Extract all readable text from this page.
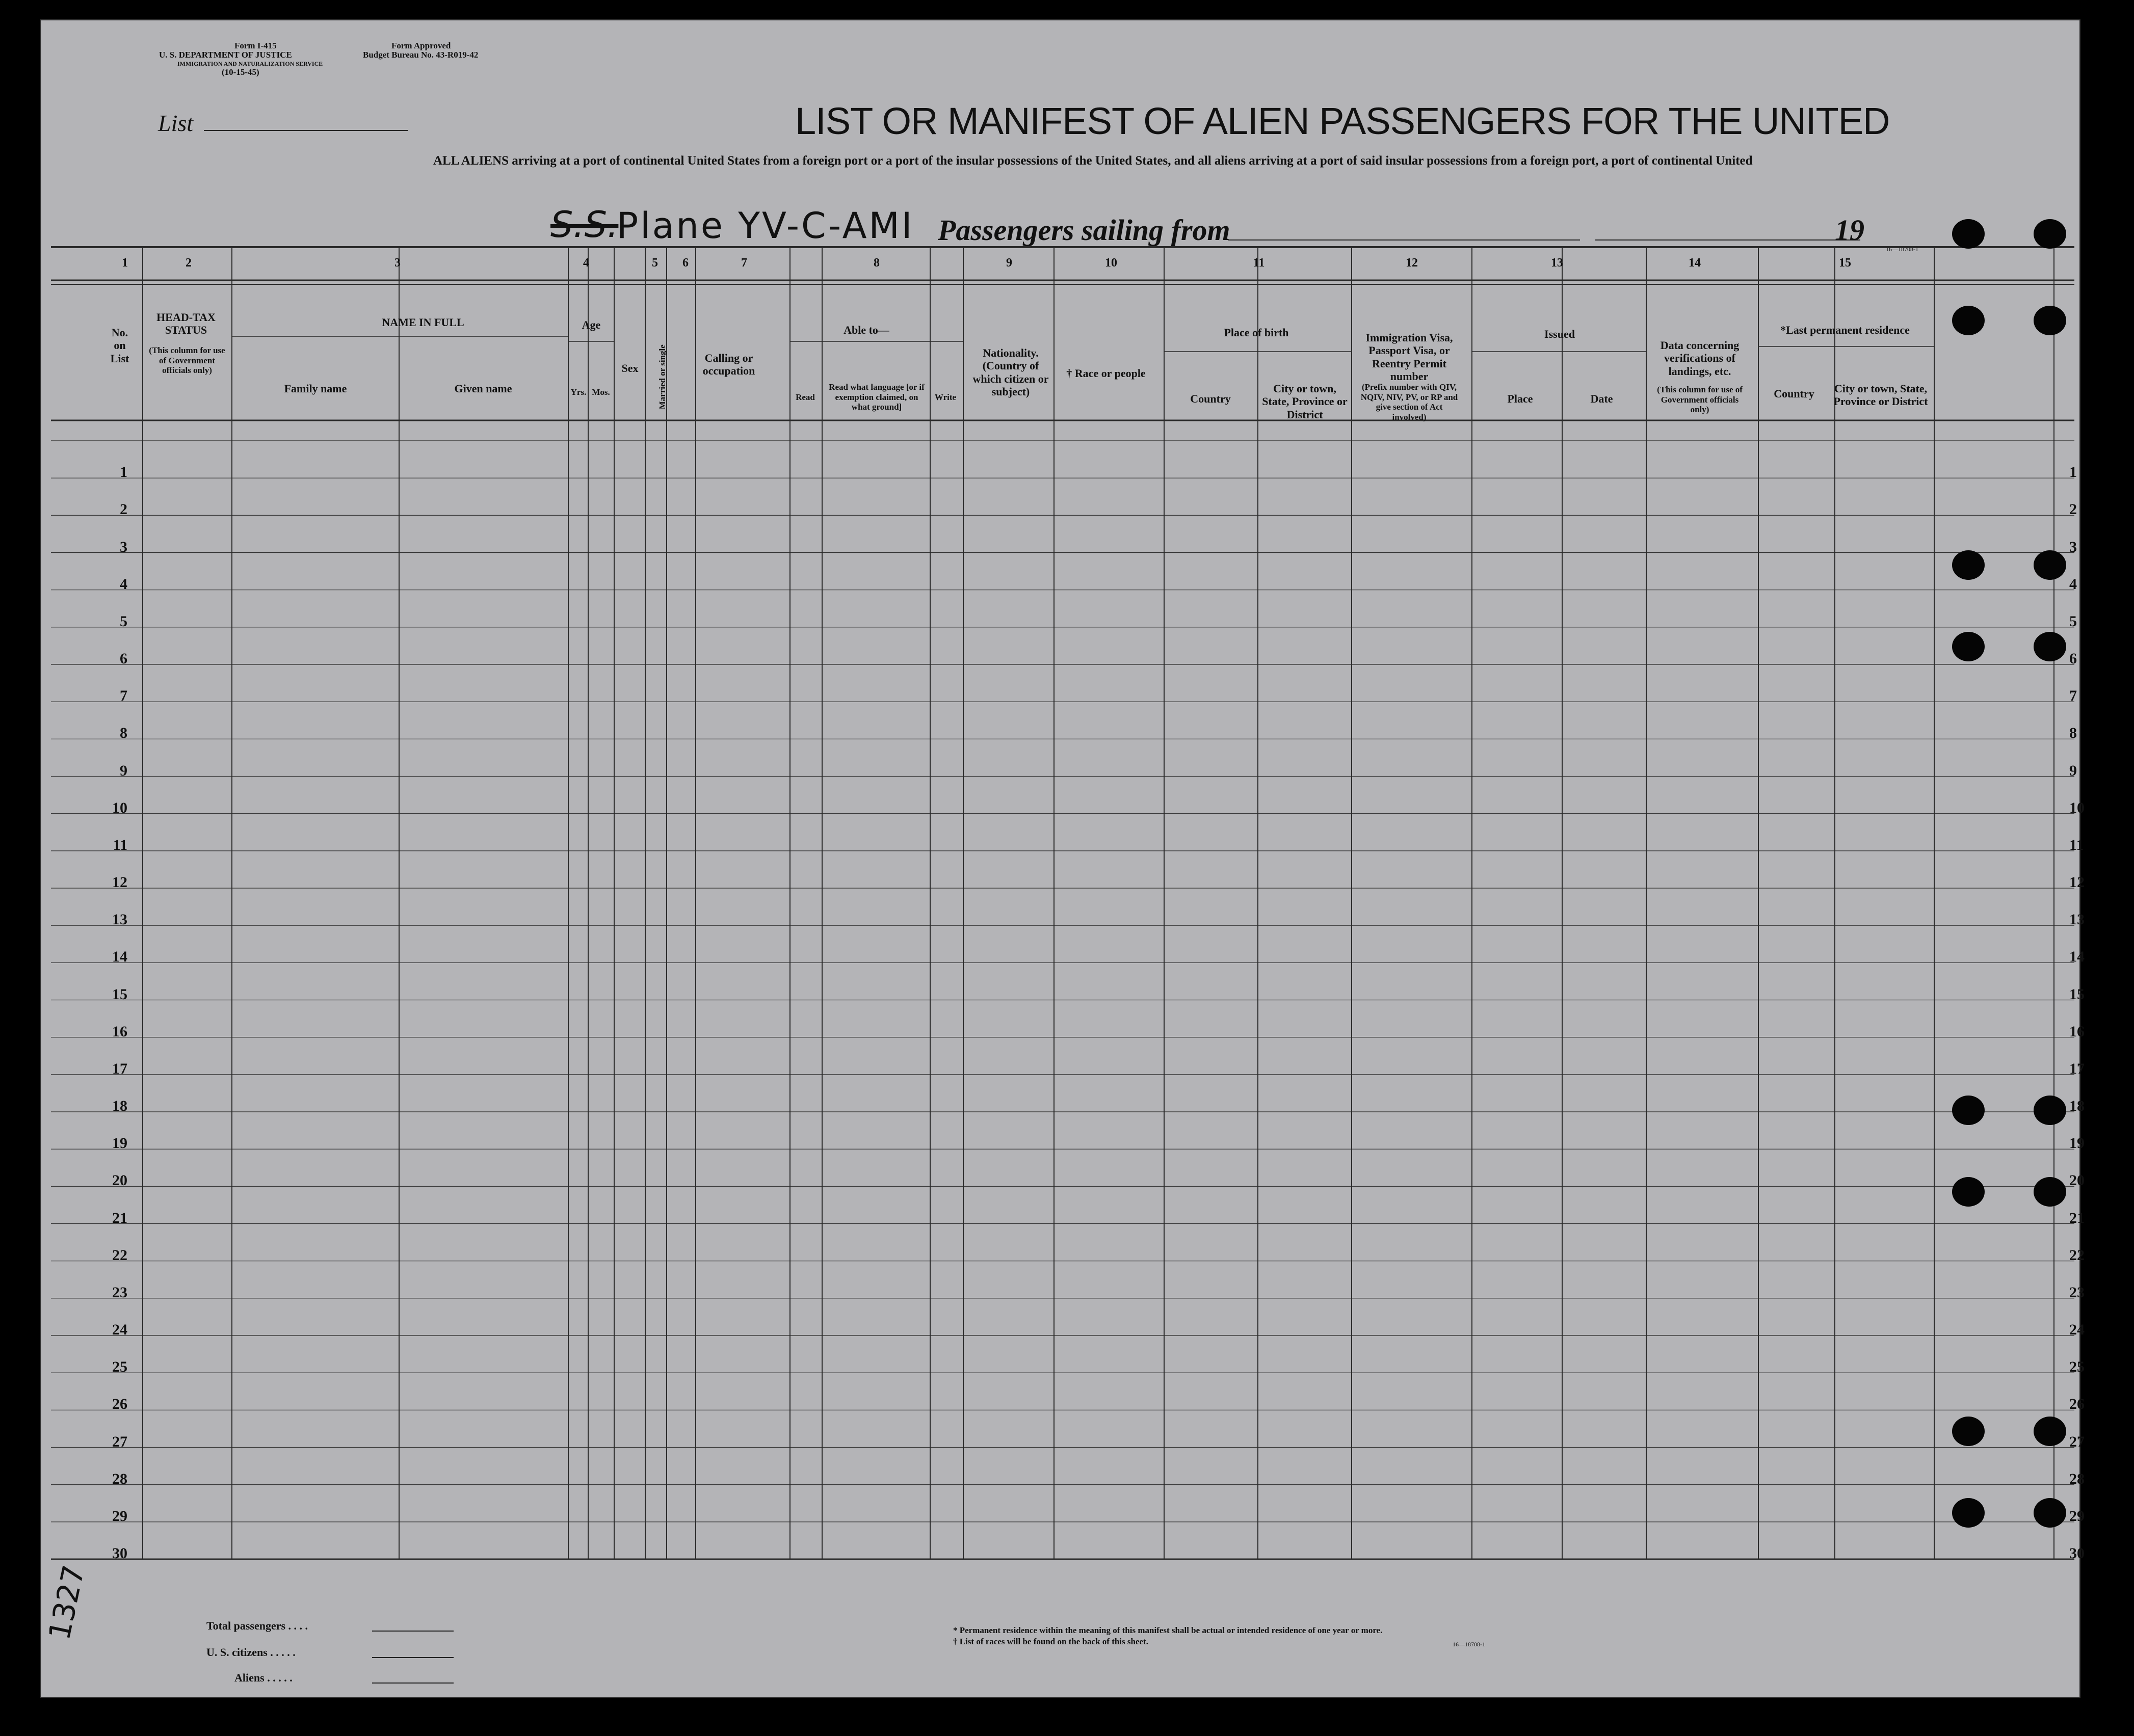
Form I-415
U. S. DEPARTMENT OF JUSTICE
IMMIGRATION AND NATURALIZATION SERVICE
(10-15-45)
Form Approved
Budget Bureau No. 43-R019-42
List	LIST OR MANIFEST OF ALIEN PASSENGERS FOR THE UNITED
ALL ALIENS arriving at a port of continental United States from a foreign port or a port of the insular possessions of the United States, and all aliens arriving at a port of said insular possessions from a foreign port, a port of continental United
S.S.
Plane YV-C-AMI Passengers sailing from	19
16—18708-1
1	2	3	4	5 6	7	8	9	10	11	12	13	14	15
No. on List
HEAD-TAX STATUS
(This column for use of Government officials only)
NAME IN FULL
Family name	Given name
Age
Yrs. Mos.
Sex	Married or single	Calling or occupation
Able to—
Read
Read what language [or if exemption claimed, on what ground]
Write
Nationality. (Country of which citizen or subject)
† Race or people
Place of birth
Country
City or town, State, Province or District
Immigration Visa, Passport Visa, or Reentry Permit number
(Prefix number with QIV, NQIV, NIV, PV, or RP and give section of Act involved)
Issued
Place	Date
Data concerning verifications of landings, etc.
(This column for use of Government officials only)
*Last permanent residence
Country	City or town, State, Province or District
1	1
2	2
3	3
4	4
5	5
6	6
7	7
8	8
9	9
10	10
11	11
12	12
13	13
14	14
15	15
16	16
17	17
18	18
19	19
20	20
21	21
22	22
23	23
24	24
25	25
26	26
27	27
28	28
29	29
30	30
Total passengers . . . .
U. S. citizens . . . . .
Aliens . . . . .
* Permanent residence within the meaning of this manifest shall be actual or intended residence of one year or more.
† List of races will be found on the back of this sheet.	16—18708-1
1327
